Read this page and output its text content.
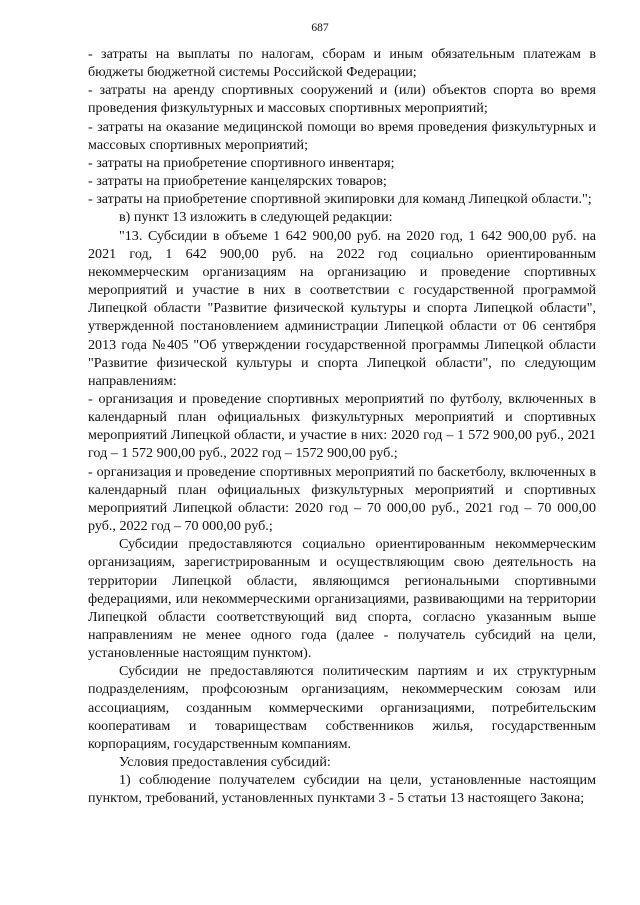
687

- затраты на выплаты по налогам, сборам и иным обязательным платежам в бюджеты бюджетной системы Российской Федерации;

- затраты на аренду спортивных сооружений и (или) объектов спорта во время проведения физкультурных и массовых спортивных мероприятий;

- затраты на оказание медицинской помощи во время проведения физкультурных и массовых спортивных мероприятий;

- затраты на приобретение спортивного инвентаря;

- затраты на приобретение канцелярских товаров;

- затраты на приобретение спортивной экипировки для команд Липецкой области.";

в) пункт 13 изложить в следующей редакции:

"13. Субсидии в объеме 1 642 900,00 руб. на 2020 год, 1 642 900,00 руб. на 2021 год, 1 642 900,00 руб. на 2022 год социально ориентированным некоммерческим организациям на организацию и проведение спортивных мероприятий и участие в них в соответствии с государственной программой Липецкой области "Развитие физической культуры и спорта Липецкой области", утвержденной постановлением администрации Липецкой области от 06 сентября 2013 года №405 "Об утверждении государственной программы Липецкой области "Развитие физической культуры и спорта Липецкой области", по следующим направлениям:

- организация и проведение спортивных мероприятий по футболу, включенных в календарный план официальных физкультурных мероприятий и спортивных мероприятий Липецкой области, и участие в них: 2020 год – 1 572 900,00 руб., 2021 год – 1 572 900,00 руб., 2022 год – 1572 900,00 руб.;

- организация и проведение спортивных мероприятий по баскетболу, включенных в календарный план официальных физкультурных мероприятий и спортивных мероприятий Липецкой области: 2020 год – 70 000,00 руб., 2021 год – 70 000,00 руб., 2022 год – 70 000,00 руб.;

Субсидии предоставляются социально ориентированным некоммерческим организациям, зарегистрированным и осуществляющим свою деятельность на территории Липецкой области, являющимся региональными спортивными федерациями, или некоммерческими организациями, развивающими на территории Липецкой области соответствующий вид спорта, согласно указанным выше направлениям не менее одного года (далее - получатель субсидий на цели, установленные настоящим пунктом).

Субсидии не предоставляются политическим партиям и их структурным подразделениям, профсоюзным организациям, некоммерческим союзам или ассоциациям, созданным коммерческими организациями, потребительским кооперативам и товариществам собственников жилья, государственным корпорациям, государственным компаниям.

Условия предоставления субсидий:

1) соблюдение получателем субсидии на цели, установленные настоящим пунктом, требований, установленных пунктами 3 - 5 статьи 13 настоящего Закона;
